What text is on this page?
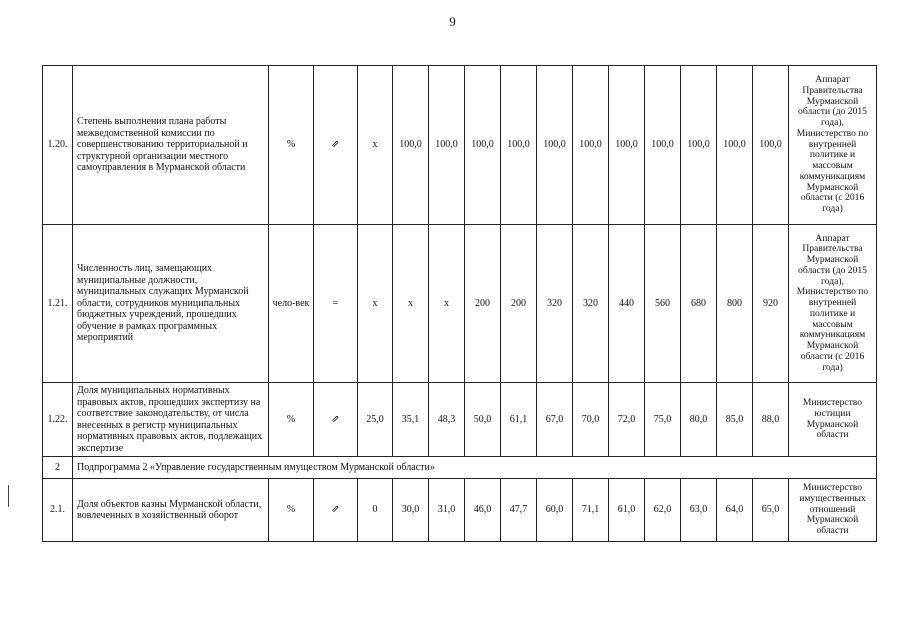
9
1.20.	Степень выполнения плана работы межведомственной комиссии по совершенствованию территориальной и структурной организации местного самоуправления в Мурманской области	%	⇗	x	100,0	100,0	100,0	100,0	100,0	100,0	100,0	100,0	100,0	100,0	100,0	Аппарат Правительства Мурманской области (до 2015 года), Министерство по внутренней политике и массовым коммуникациям Мурманской области (с 2016 года)
1.21.	Численность лиц, замещающих муниципальные должности, муниципальных служащих Мурманской области, сотрудников муниципальных бюджетных учреждений, прошедших обучение в рамках программных мероприятий	чело-век	=	x	x	x	200	200	320	320	440	560	680	800	920	Аппарат Правительства Мурманской области (до 2015 года), Министерство по внутренней политике и массовым коммуникациям Мурманской области (с 2016 года)
1.22.	Доля муниципальных нормативных правовых актов, прошедших экспертизу на соответствие законодательству, от числа внесенных в регистр муниципальных нормативных правовых актов, подлежащих экспертизе	%	⇗	25,0	35,1	48,3	50,0	61,1	67,0	70,0	72,0	75,0	80,0	85,0	88,0	Министерство юстиции Мурманской области
2	Подпрограмма 2 «Управление государственным имуществом Мурманской области»															
2.1.	Доля объектов казны Мурманской области, вовлеченных в хозяйственный оборот	%	⇗	0	30,0	31,0	46,0	47,7	60,0	71,1	61,0	62,0	63,0	64,0	65,0	Министерство имущественных отношений Мурманской области
